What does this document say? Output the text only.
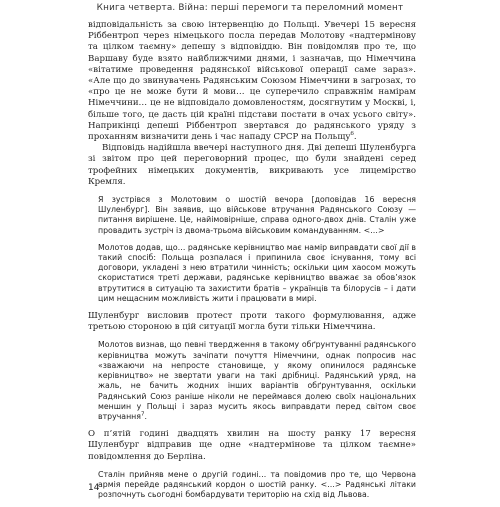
Книга четверта. Війна: перші перемоги та переломний момент

відповідальність за свою інтервенцію до Польщі. Увечері 15 вересня Ріббентроп через німецького посла передав Молотову «надтермінову та цілком таємну» депешу з відповіддю. Він повідомляв про те, що Варшаву буде взято найближчими днями, і зазначав, що Німеччина «вітатиме проведення радянської військової операції саме зараз». «Але що до звинувачень Радянським Союзом Німеччини в загрозах, то «про це не може бути й мови… це суперечило справжнім намірам Німеччини… це не відповідало домовленостям, досягнутим у Москві, і, більше того, це дасть цій країні підстави постати в очах усього світу». Наприкінці депеші Ріббентроп звертався до радянського уряду з проханням визначити день і час нападу СРСР на Польщу$^6$.

Відповідь надійшла ввечері наступного дня. Дві депеші Шуленбурга зі звітом про цей переговорний процес, що були знайдені серед трофейних німецьких документів, викривають усе лицемірство Кремля.

Я зустрівся з Молотовим о шостій вечора [доповідав 16 вересня Шуленбург]. Він заявив, що військове втручання Радянського Союзу — питання вирішене. Це, найімовірніше, справа одного-двох днів. Сталін уже провадить зустріч із двома-трьома військовим командуванням. <…>

Молотов додав, що… радянське керівництво має намір виправдати свої дії в такий спосіб: Польща розпалася і припинила своє існування, тому всі договори, укладені з нею втратили чинність; оскільки цим хаосом можуть скористатися треті держави, радянське керівництво вважає за обов’язок втрутитися в ситуацію та захистити братів – українців та білорусів – і дати цим нещасним можливість жити і працювати в мирі.

Шуленбург висловив протест проти такого формулювання, адже третьою стороною в цій ситуації могла бути тільки Німеччина.

Молотов визнав, що певні твердження в такому обґрунтуванні радянського керівництва можуть зачіпати почуття Німеччини, однак попросив нас «зважаючи на непросте становище, у якому опинилося радянське керівництво» не звертати уваги на такі дрібниці. Радянський уряд, на жаль, не бачить жодних інших варіантів обґрунтування, оскільки Радянський Союз раніше ніколи не переймався долею своїх національних меншин у Польщі і зараз мусить якось виправдати перед світом своє втручання$^7$.

О п’ятій годині двадцять хвилин на шосту ранку 17 вересня Шуленбург відправив ще одне «надтермінове та цілком таємне» повідомлення до Берліна.

Сталін прийняв мене о другій годині… та повідомив про те, що Червона армія перейде радянський кордон о шостій ранку. <…> Радянські літаки розпочнуть сьогодні бомбардувати територію на схід від Львова.

14
